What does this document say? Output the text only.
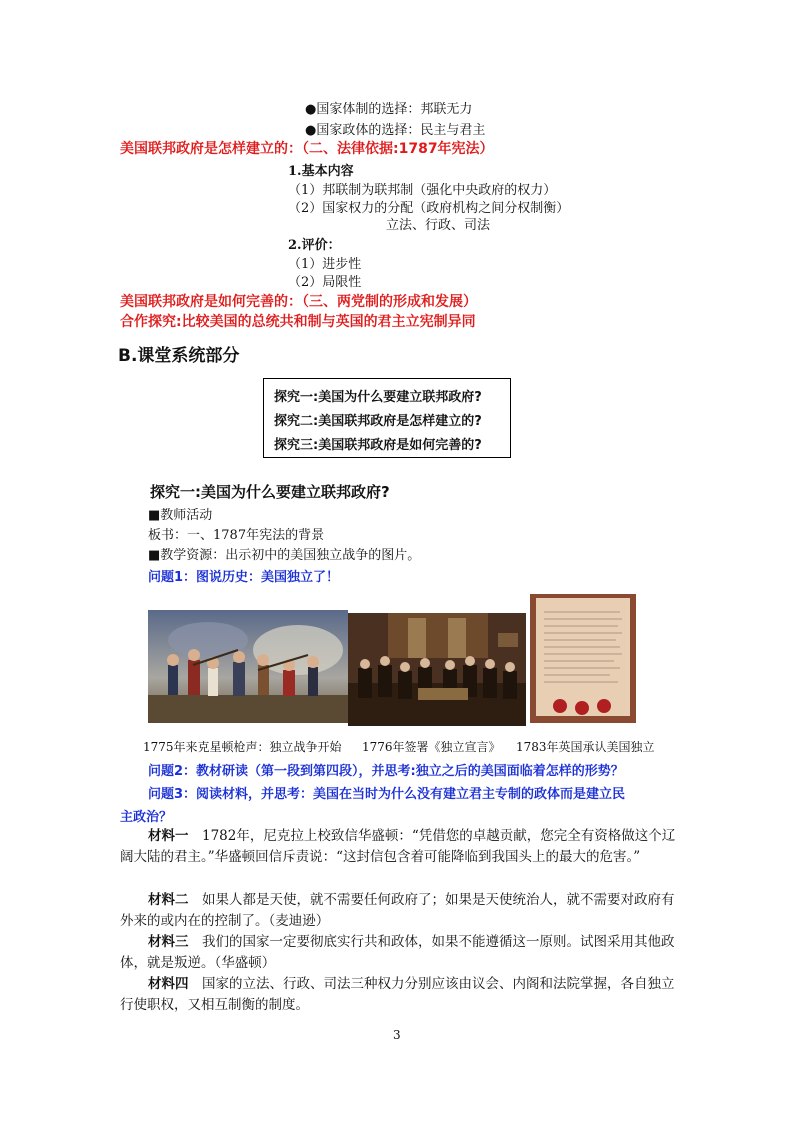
●国家体制的选择：邦联无力
●国家政体的选择：民主与君主
美国联邦政府是怎样建立的：（二、法律依据:1787年宪法）
1.基本内容
（1）邦联制为联邦制（强化中央政府的权力）
（2）国家权力的分配（政府机构之间分权制衡）
立法、行政、司法
2.评价：
（1）进步性
（2）局限性
美国联邦政府是如何完善的：（三、两党制的形成和发展）
合作探究:比较美国的总统共和制与英国的君主立宪制异同
B.课堂系统部分
探究一:美国为什么要建立联邦政府?
探究二:美国联邦政府是怎样建立的?
探究三:美国联邦政府是如何完善的?
探究一:美国为什么要建立联邦政府?
■教师活动
板书：一、1787年宪法的背景
■教学资源：出示初中的美国独立战争的图片。
问题1：图说历史：美国独立了！
1775年来克星顿枪声：独立战争开始 1776年签署《独立宣言》 1783年英国承认美国独立
问题2：教材研读（第一段到第四段），并思考:独立之后的美国面临着怎样的形势？
问题3：阅读材料，并思考：美国在当时为什么没有建立君主专制的政体而是建立民
主政治？
材料一　1782年，尼克拉上校致信华盛顿：“凭借您的卓越贡献，您完全有资格做这个辽阔大陆的君主。”华盛顿回信斥责说：“这封信包含着可能降临到我国头上的最大的危害。”
材料二　如果人都是天使，就不需要任何政府了；如果是天使统治人，就不需要对政府有外来的或内在的控制了。（麦迪逊）
材料三　我们的国家一定要彻底实行共和政体，如果不能遵循这一原则。试图采用其他政体，就是叛逆。（华盛顿）
材料四　国家的立法、行政、司法三种权力分别应该由议会、内阁和法院掌握，各自独立行使职权，又相互制衡的制度。
3
